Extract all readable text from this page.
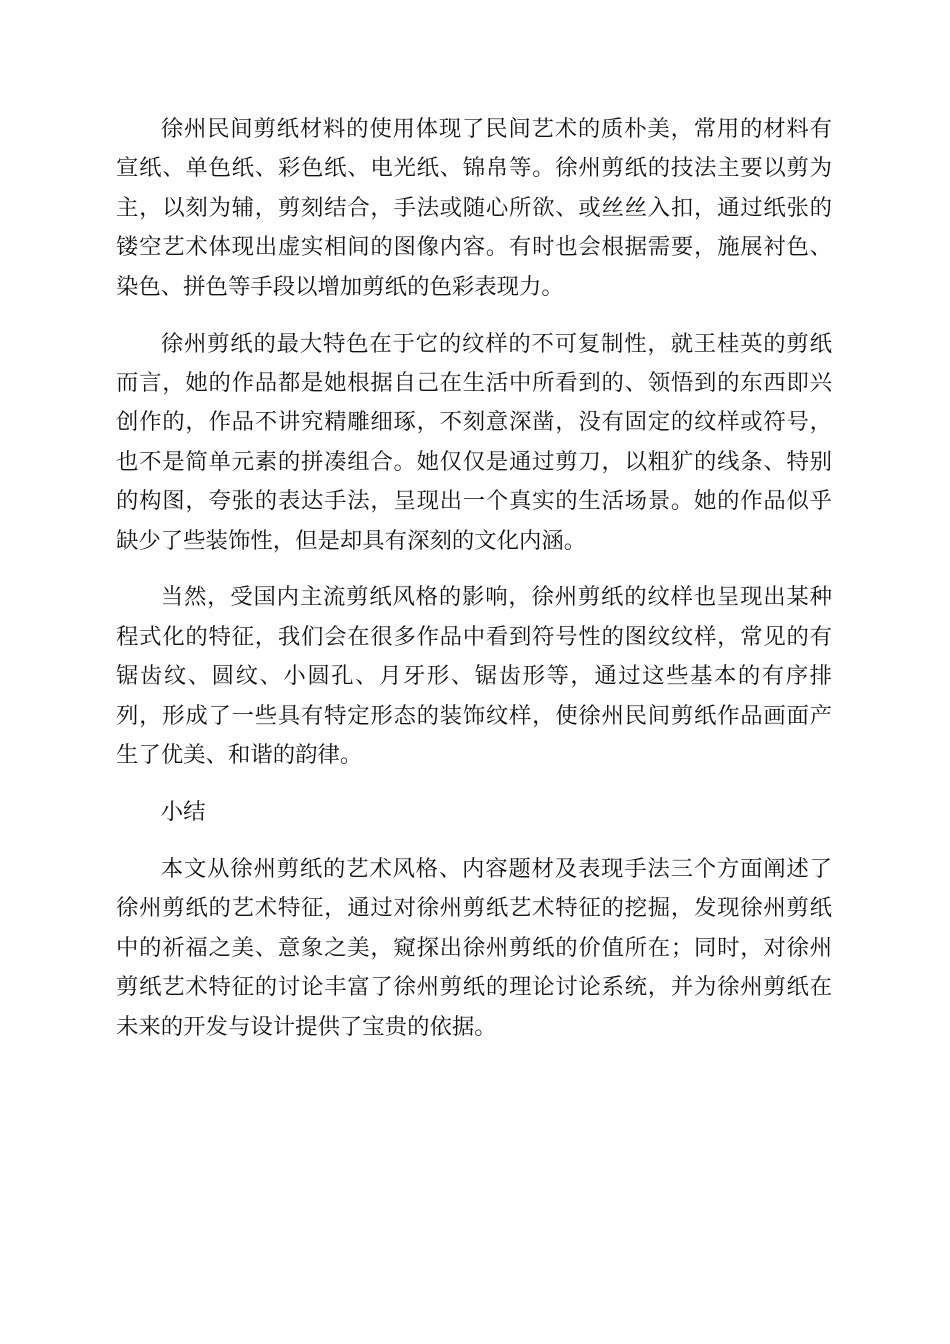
徐州民间剪纸材料的使用体现了民间艺术的质朴美，常用的材料有宣纸、单色纸、彩色纸、电光纸、锦帛等。徐州剪纸的技法主要以剪为主，以刻为辅，剪刻结合，手法或随心所欲、或丝丝入扣，通过纸张的镂空艺术体现出虚实相间的图像内容。有时也会根据需要，施展衬色、染色、拼色等手段以增加剪纸的色彩表现力。

徐州剪纸的最大特色在于它的纹样的不可复制性，就王桂英的剪纸而言，她的作品都是她根据自己在生活中所看到的、领悟到的东西即兴创作的，作品不讲究精雕细琢，不刻意深凿，没有固定的纹样或符号，也不是简单元素的拼凑组合。她仅仅是通过剪刀，以粗犷的线条、特别的构图，夸张的表达手法，呈现出一个真实的生活场景。她的作品似乎缺少了些装饰性，但是却具有深刻的文化内涵。

当然，受国内主流剪纸风格的影响，徐州剪纸的纹样也呈现出某种程式化的特征，我们会在很多作品中看到符号性的图纹纹样，常见的有锯齿纹、圆纹、小圆孔、月牙形、锯齿形等，通过这些基本的有序排列，形成了一些具有特定形态的装饰纹样，使徐州民间剪纸作品画面产生了优美、和谐的韵律。

小结

本文从徐州剪纸的艺术风格、内容题材及表现手法三个方面阐述了徐州剪纸的艺术特征，通过对徐州剪纸艺术特征的挖掘，发现徐州剪纸中的祈福之美、意象之美，窥探出徐州剪纸的价值所在；同时，对徐州剪纸艺术特征的讨论丰富了徐州剪纸的理论讨论系统，并为徐州剪纸在未来的开发与设计提供了宝贵的依据。
